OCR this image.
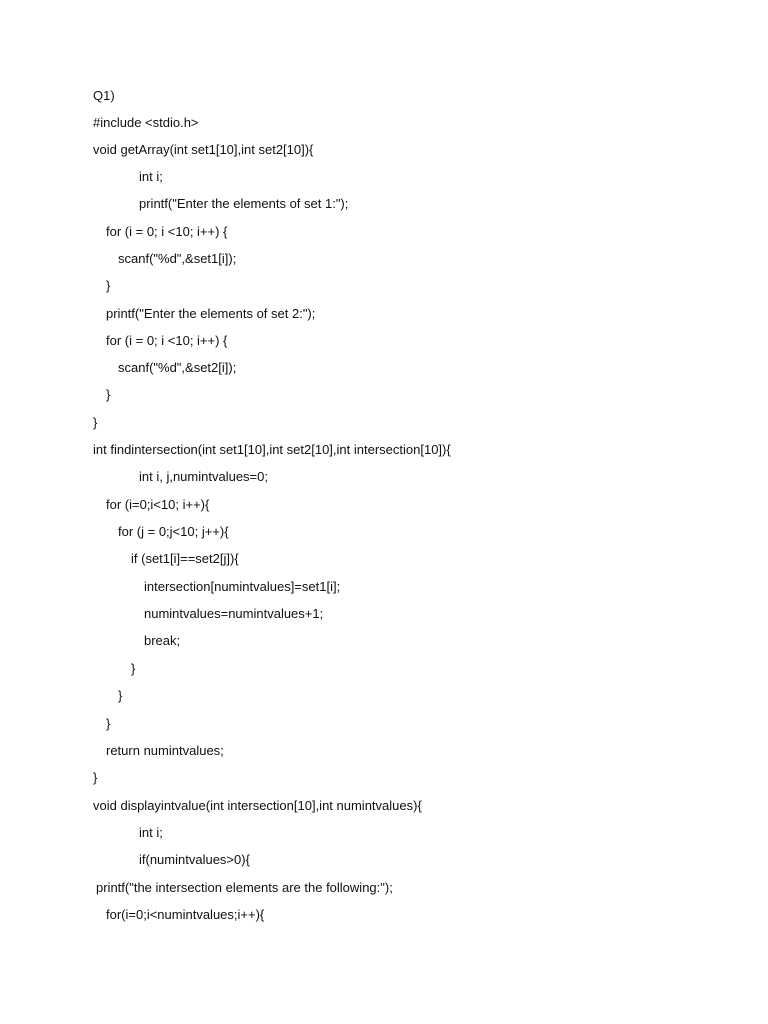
Q1)
#include <stdio.h>
void getArray(int set1[10],int set2[10]){
int i;
printf("Enter the elements of set 1:");
for (i = 0; i <10; i++) {
scanf("%d",&set1[i]);
}
printf("Enter the elements of set 2:");
for (i = 0; i <10; i++) {
scanf("%d",&set2[i]);
}
}
int findintersection(int set1[10],int set2[10],int intersection[10]){
int i, j,numintvalues=0;
for (i=0;i<10; i++){
for (j = 0;j<10; j++){
if (set1[i]==set2[j]){
intersection[numintvalues]=set1[i];
numintvalues=numintvalues+1;
break;
}
}
}
return numintvalues;
}
void displayintvalue(int intersection[10],int numintvalues){
int i;
if(numintvalues>0){
printf("the intersection elements are the following:");
for(i=0;i<numintvalues;i++){
